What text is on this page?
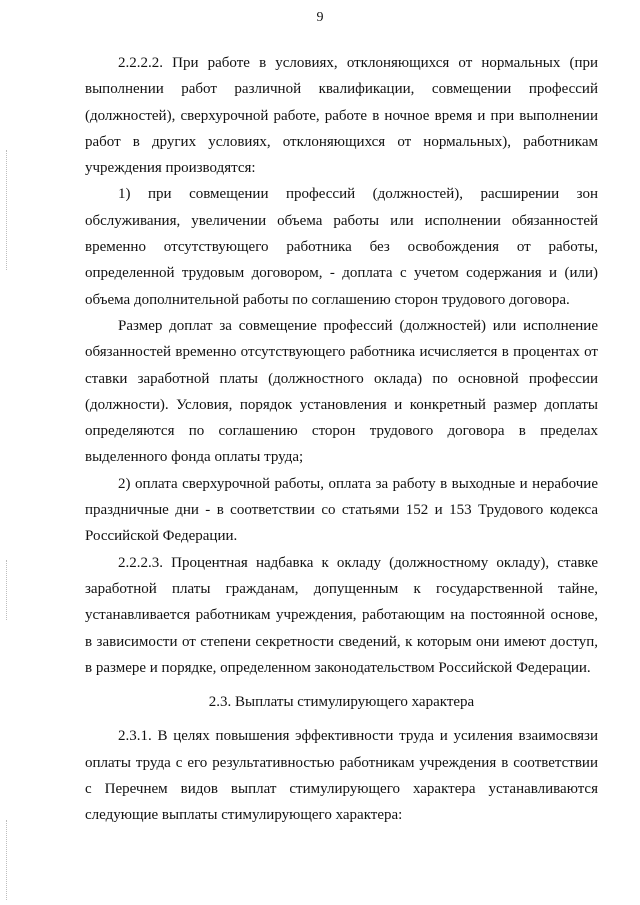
9

2.2.2.2. При работе в условиях, отклоняющихся от нормальных (при выполнении работ различной квалификации, совмещении профессий (должностей), сверхурочной работе, работе в ночное время и при выполнении работ в других условиях, отклоняющихся от нормальных), работникам учреждения производятся:

1) при совмещении профессий (должностей), расширении зон обслуживания, увеличении объема работы или исполнении обязанностей временно отсутствующего работника без освобождения от работы, определенной трудовым договором, - доплата с учетом содержания и (или) объема дополнительной работы по соглашению сторон трудового договора.

Размер доплат за совмещение профессий (должностей) или исполнение обязанностей временно отсутствующего работника исчисляется в процентах от ставки заработной платы (должностного оклада) по основной профессии (должности). Условия, порядок установления и конкретный размер доплаты определяются по соглашению сторон трудового договора в пределах выделенного фонда оплаты труда;

2) оплата сверхурочной работы, оплата за работу в выходные и нерабочие праздничные дни - в соответствии со статьями 152 и 153 Трудового кодекса Российской Федерации.

2.2.2.3. Процентная надбавка к окладу (должностному окладу), ставке заработной платы гражданам, допущенным к государственной тайне, устанавливается работникам учреждения, работающим на постоянной основе, в зависимости от степени секретности сведений, к которым они имеют доступ, в размере и порядке, определенном законодательством Российской Федерации.

2.3. Выплаты стимулирующего характера

2.3.1. В целях повышения эффективности труда и усиления взаимосвязи оплаты труда с его результативностью работникам учреждения в соответствии с Перечнем видов выплат стимулирующего характера устанавливаются следующие выплаты стимулирующего характера:
